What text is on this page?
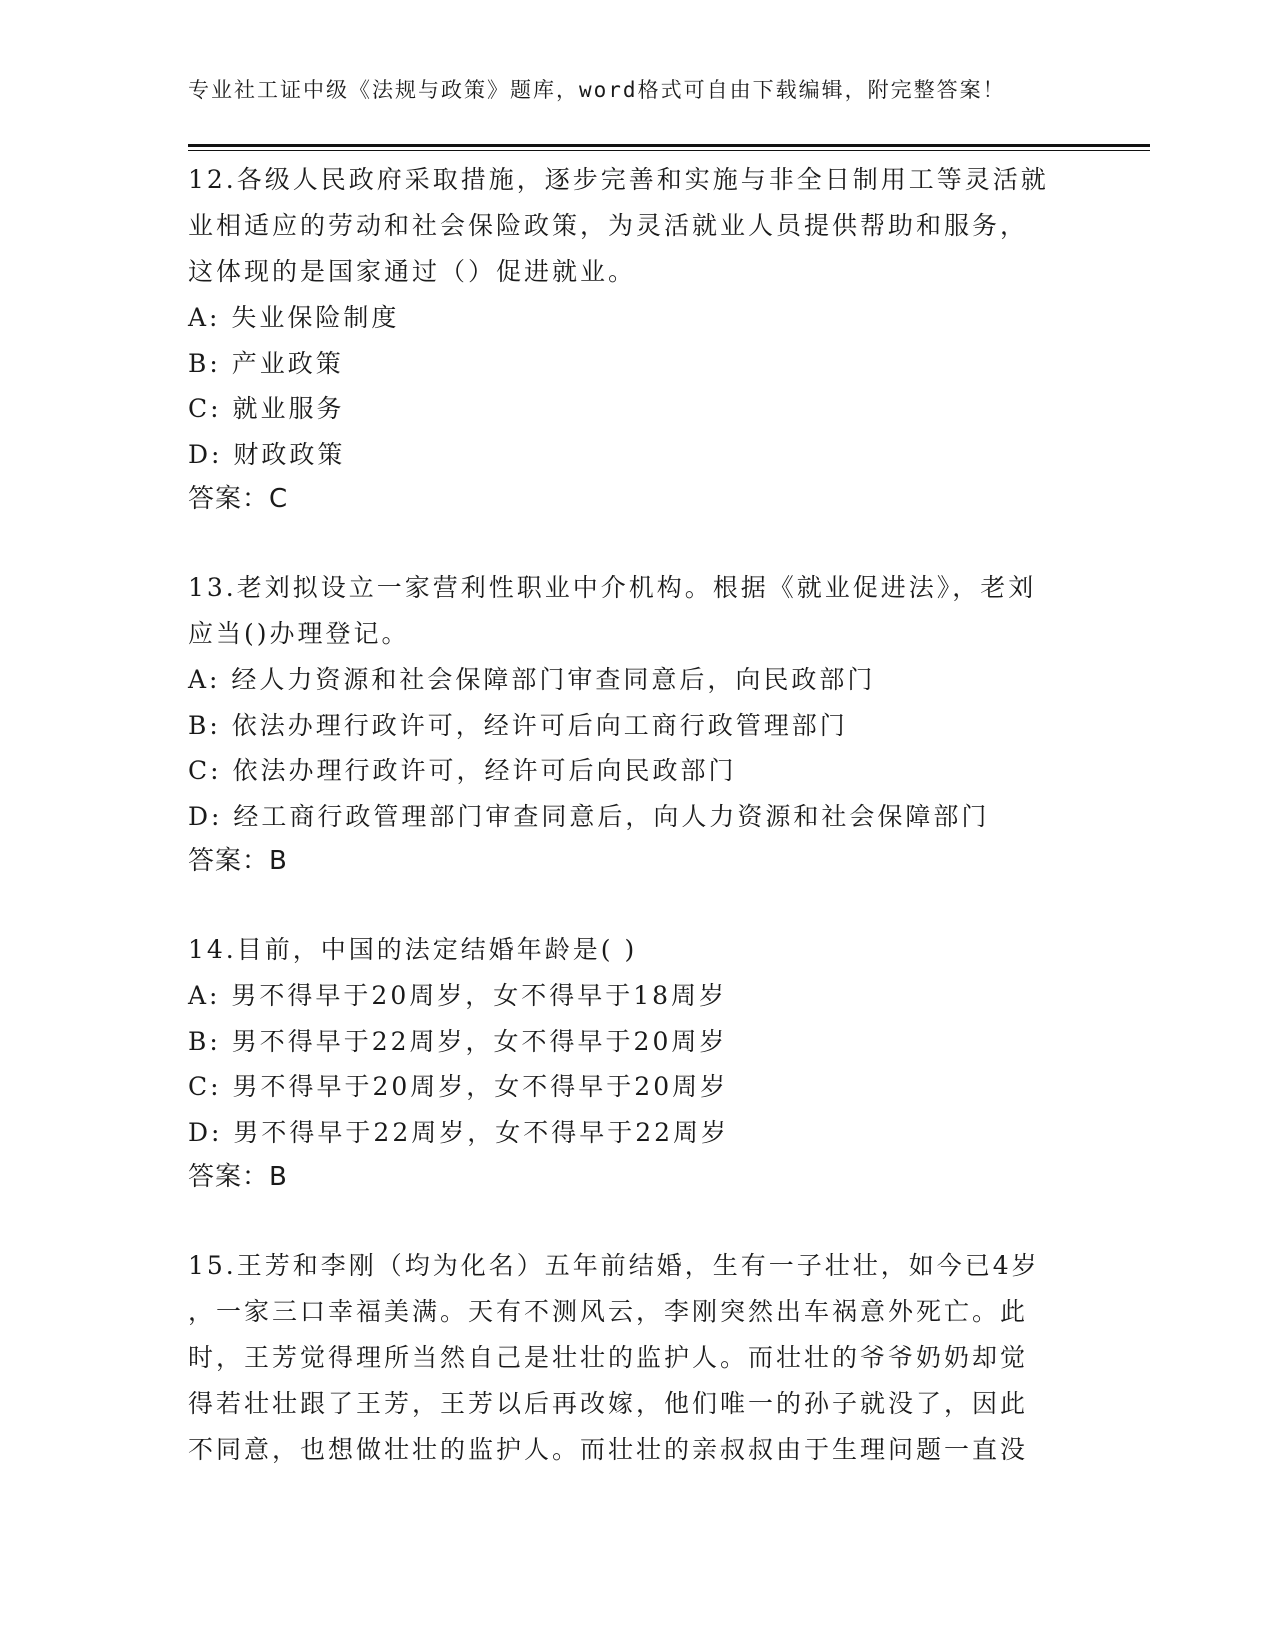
专业社工证中级《法规与政策》题库，word格式可自由下载编辑，附完整答案！
12.各级人民政府采取措施，逐步完善和实施与非全日制用工等灵活就
业相适应的劳动和社会保险政策，为灵活就业人员提供帮助和服务，
这体现的是国家通过（）促进就业。
A: 失业保险制度
B: 产业政策
C: 就业服务
D: 财政政策
答案：C
13.老刘拟设立一家营利性职业中介机构。根据《就业促进法》，老刘
应当()办理登记。
A: 经人力资源和社会保障部门审查同意后，向民政部门
B: 依法办理行政许可，经许可后向工商行政管理部门
C: 依法办理行政许可，经许可后向民政部门
D: 经工商行政管理部门审查同意后，向人力资源和社会保障部门
答案：B
14.目前，中国的法定结婚年龄是( )
A: 男不得早于20周岁，女不得早于18周岁
B: 男不得早于22周岁，女不得早于20周岁
C: 男不得早于20周岁，女不得早于20周岁
D: 男不得早于22周岁，女不得早于22周岁
答案：B
15.王芳和李刚（均为化名）五年前结婚，生有一子壮壮，如今已4岁
，一家三口幸福美满。天有不测风云，李刚突然出车祸意外死亡。此
时，王芳觉得理所当然自己是壮壮的监护人。而壮壮的爷爷奶奶却觉
得若壮壮跟了王芳，王芳以后再改嫁，他们唯一的孙子就没了，因此
不同意，也想做壮壮的监护人。而壮壮的亲叔叔由于生理问题一直没
